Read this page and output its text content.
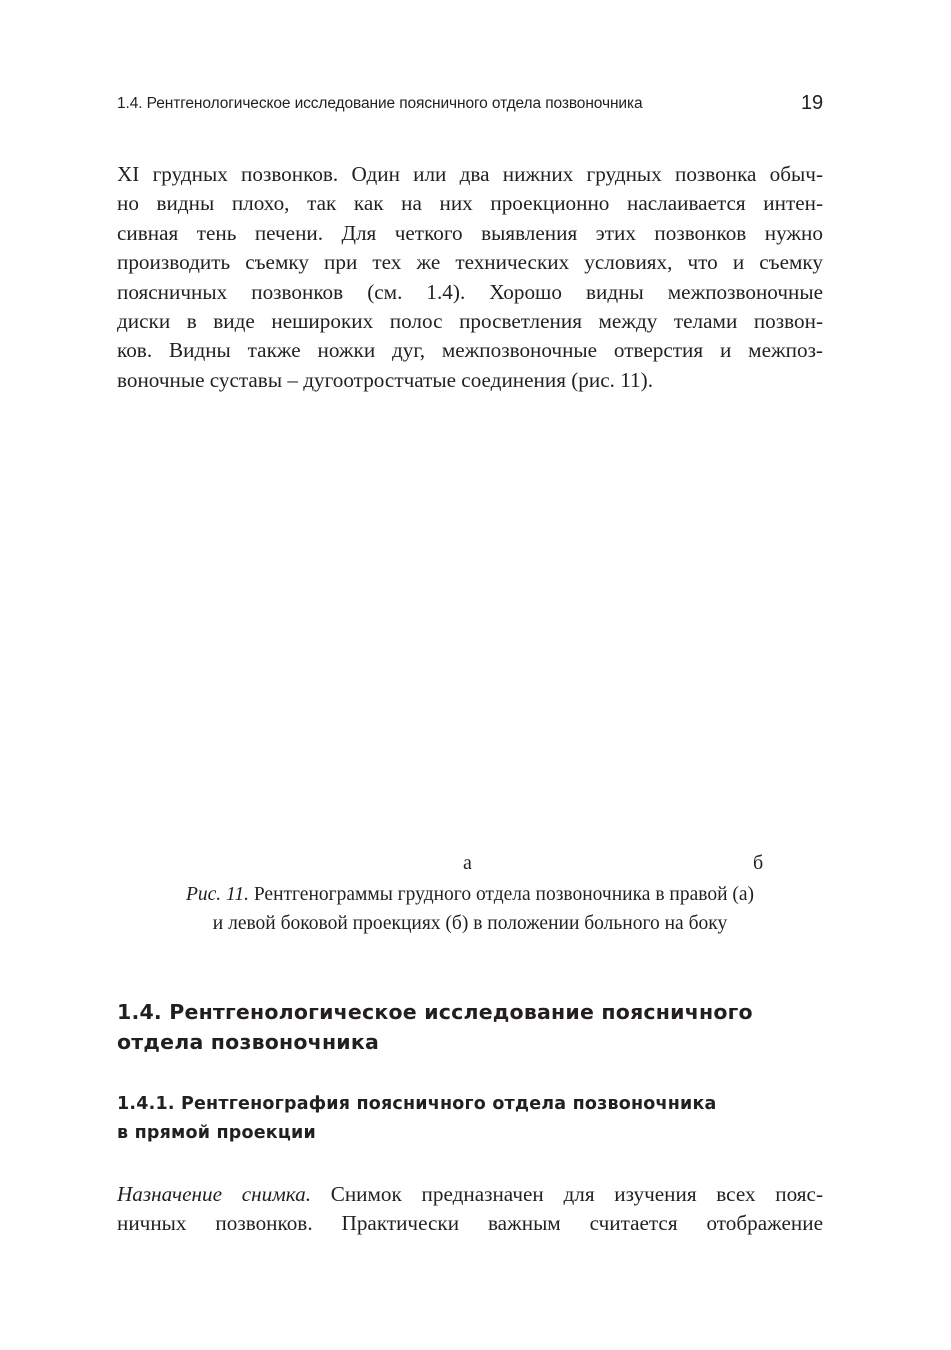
1.4. Рентгенологическое исследование поясничного отдела позвоночника	19
XI грудных позвонков. Один или два нижних грудных позвонка обыч-
но видны плохо, так как на них проекционно наслаивается интен-
сивная тень печени. Для четкого выявления этих позвонков нужно
производить съемку при тех же технических условиях, что и съемку
поясничных позвонков (см. 1.4). Хорошо видны межпозвоночные
диски в виде нешироких полос просветления между телами позвон-
ков. Видны также ножки дуг, межпозвоночные отверстия и межпоз-
воночные суставы – дугоотростчатые соединения (рис. 11).
а	б
Рис. 11. Рентгенограммы грудного отдела позвоночника в правой (а)
и левой боковой проекциях (б) в положении больного на боку
1.4. Рентгенологическое исследование поясничного
отдела позвоночника
1.4.1. Рентгенография поясничного отдела позвоночника
в прямой проекции
Назначение снимка. Снимок предназначен для изучения всех пояс-
ничных позвонков. Практически важным считается отображение
